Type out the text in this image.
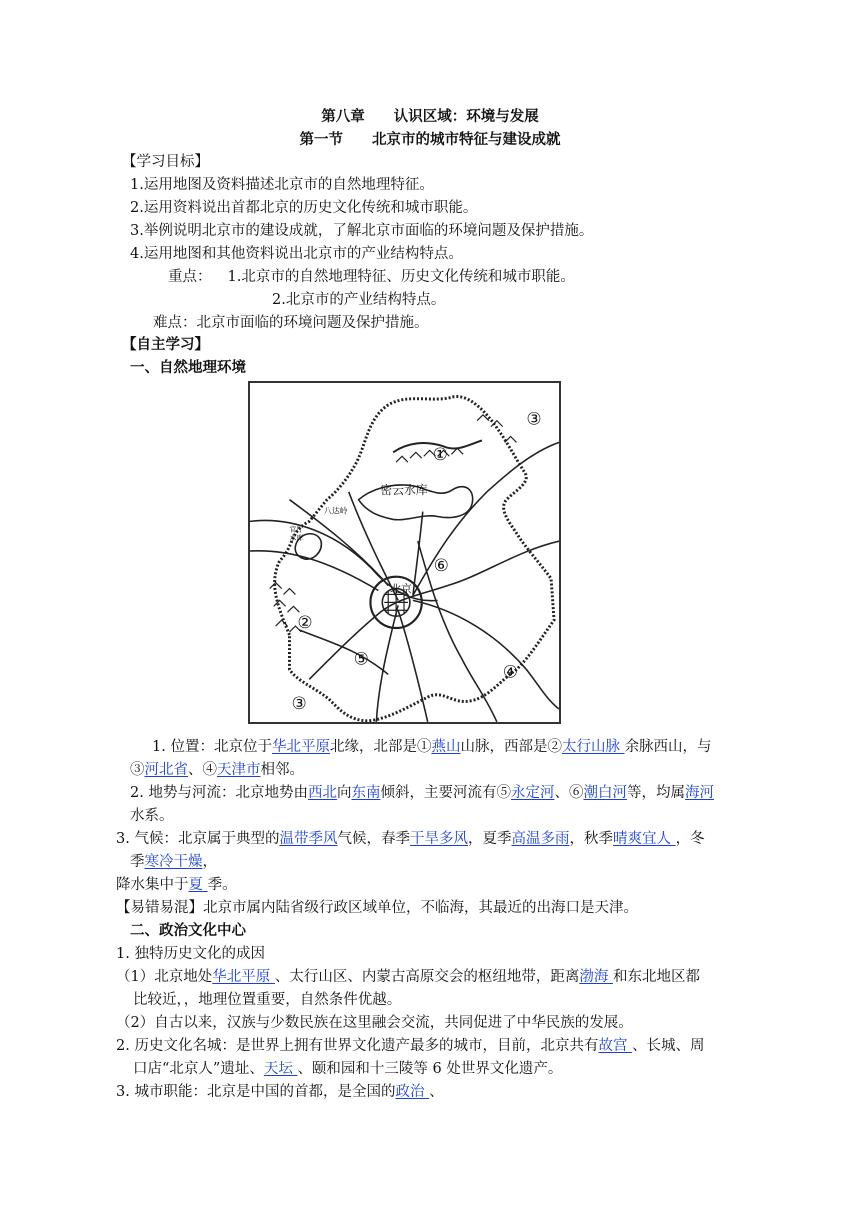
第八章　　认识区域：环境与发展
第一节　　北京市的城市特征与建设成就
【学习目标】
1.运用地图及资料描述北京市的自然地理特征。
2.运用资料说出首都北京的历史文化传统和城市职能。
3.举例说明北京市的建设成就，了解北京市面临的环境问题及保护措施。
4.运用地图和其他资料说出北京市的产业结构特点。
重点： 1.北京市的自然地理特征、历史文化传统和城市职能。
2.北京市的产业结构特点。
难点：北京市面临的环境问题及保护措施。
【自主学习】
一、自然地理环境
密云水库
八达岭
官厅
水库
北京
①
②
③
③
④
⑤
⑥
1. 位置：北京位于华北平原北缘，北部是①燕山山脉，西部是②太行山脉 余脉西山，与
③河北省、④天津市相邻。
2. 地势与河流：北京地势由西北向东南倾斜，主要河流有⑤永定河、⑥潮白河等，均属海河
水系。
3. 气候：北京属于典型的温带季风气候，春季干旱多风，夏季高温多雨，秋季晴爽宜人 ，冬
季寒冷干燥，
降水集中于夏 季。
【易错易混】北京市属内陆省级行政区域单位，不临海，其最近的出海口是天津。
二、政治文化中心
1. 独特历史文化的成因
（1）北京地处华北平原 、太行山区、内蒙古高原交会的枢纽地带，距离渤海 和东北地区都
比较近，，地理位置重要，自然条件优越。
（2）自古以来，汉族与少数民族在这里融会交流，共同促进了中华民族的发展。
2. 历史文化名城：是世界上拥有世界文化遗产最多的城市，目前，北京共有故宫 、长城、周
口店“北京人”遗址、天坛 、颐和园和十三陵等 6 处世界文化遗产。
3. 城市职能：北京是中国的首都，是全国的政治 、
